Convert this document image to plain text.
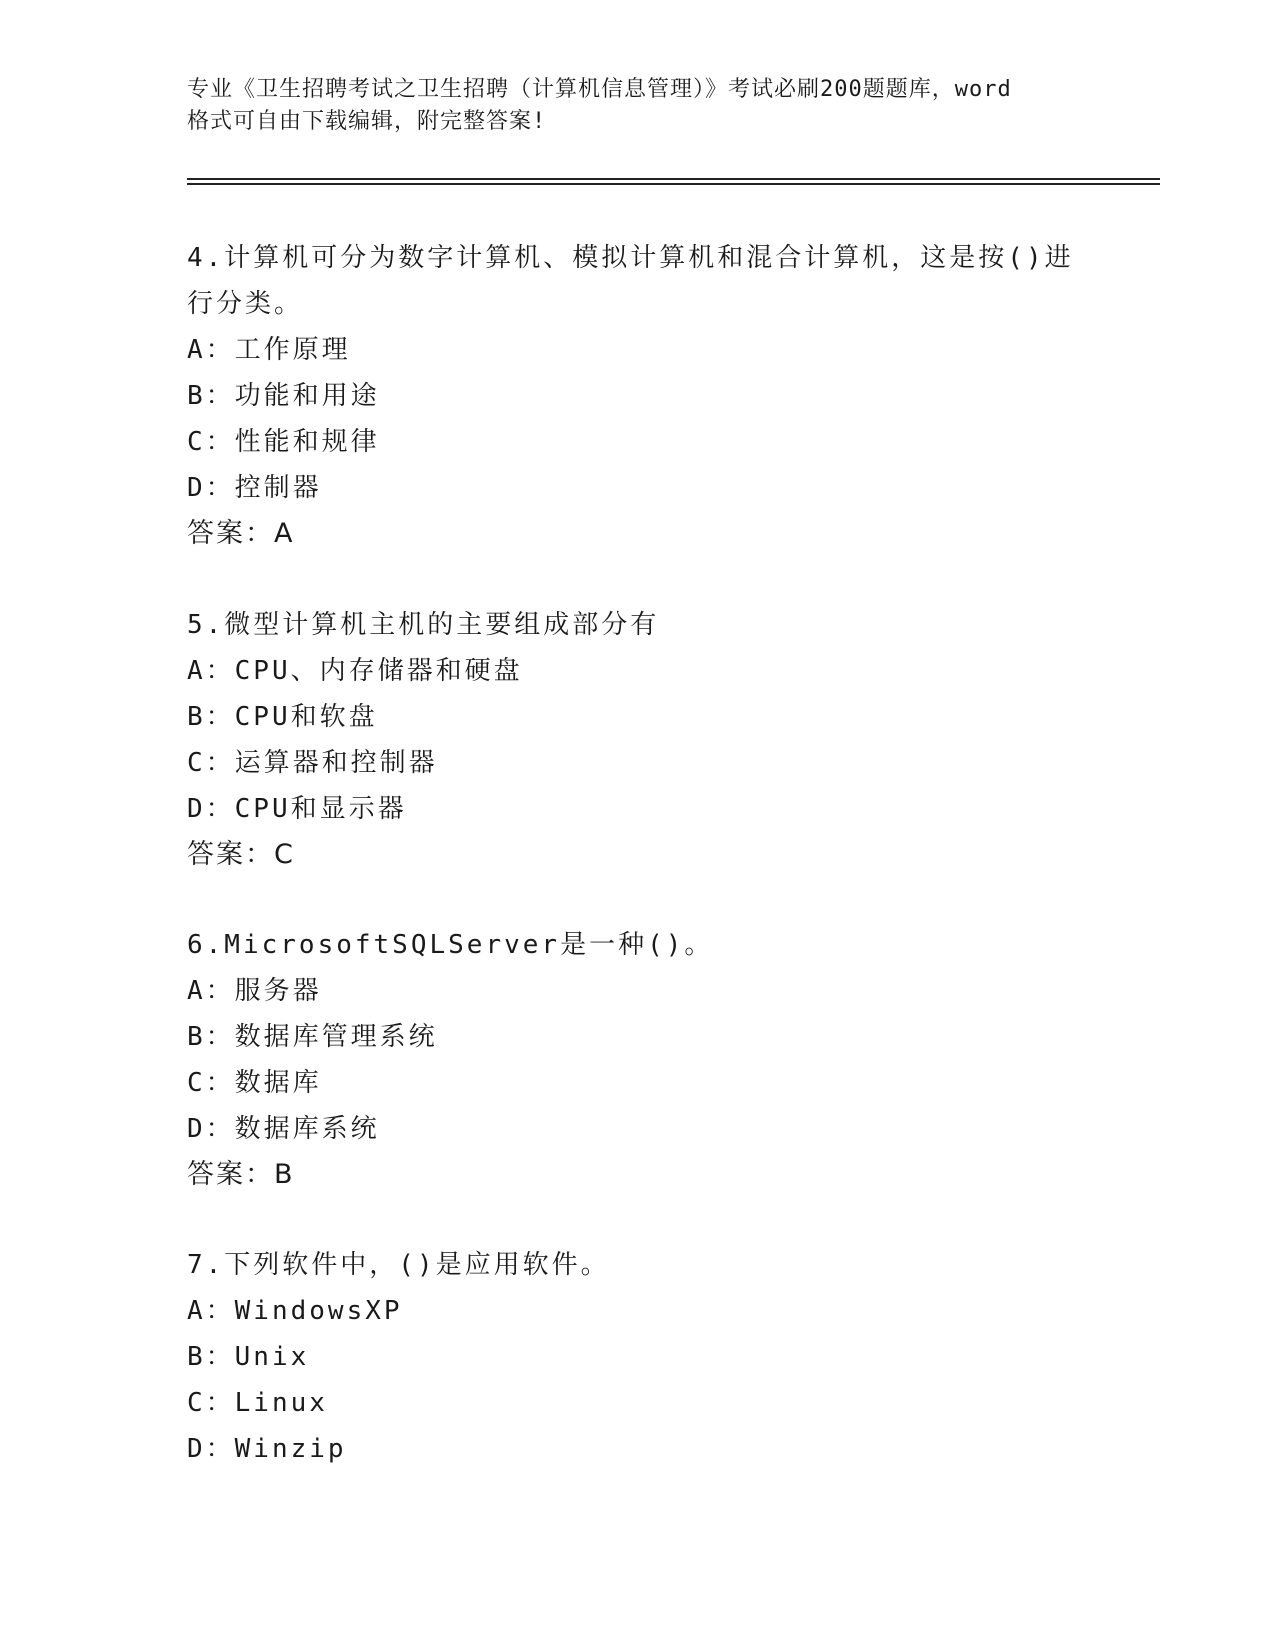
专业《卫生招聘考试之卫生招聘（计算机信息管理）》考试必刷200题题库，word
格式可自由下载编辑，附完整答案!
4.计算机可分为数字计算机、模拟计算机和混合计算机，这是按()进
行分类。
A：工作原理
B：功能和用途
C：性能和规律
D：控制器
答案：A
5.微型计算机主机的主要组成部分有
A：CPU、内存储器和硬盘
B：CPU和软盘
C：运算器和控制器
D：CPU和显示器
答案：C
6.MicrosoftSQLServer是一种()。
A：服务器
B：数据库管理系统
C：数据库
D：数据库系统
答案：B
7.下列软件中，()是应用软件。
A：WindowsXP
B：Unix
C：Linux
D：Winzip
